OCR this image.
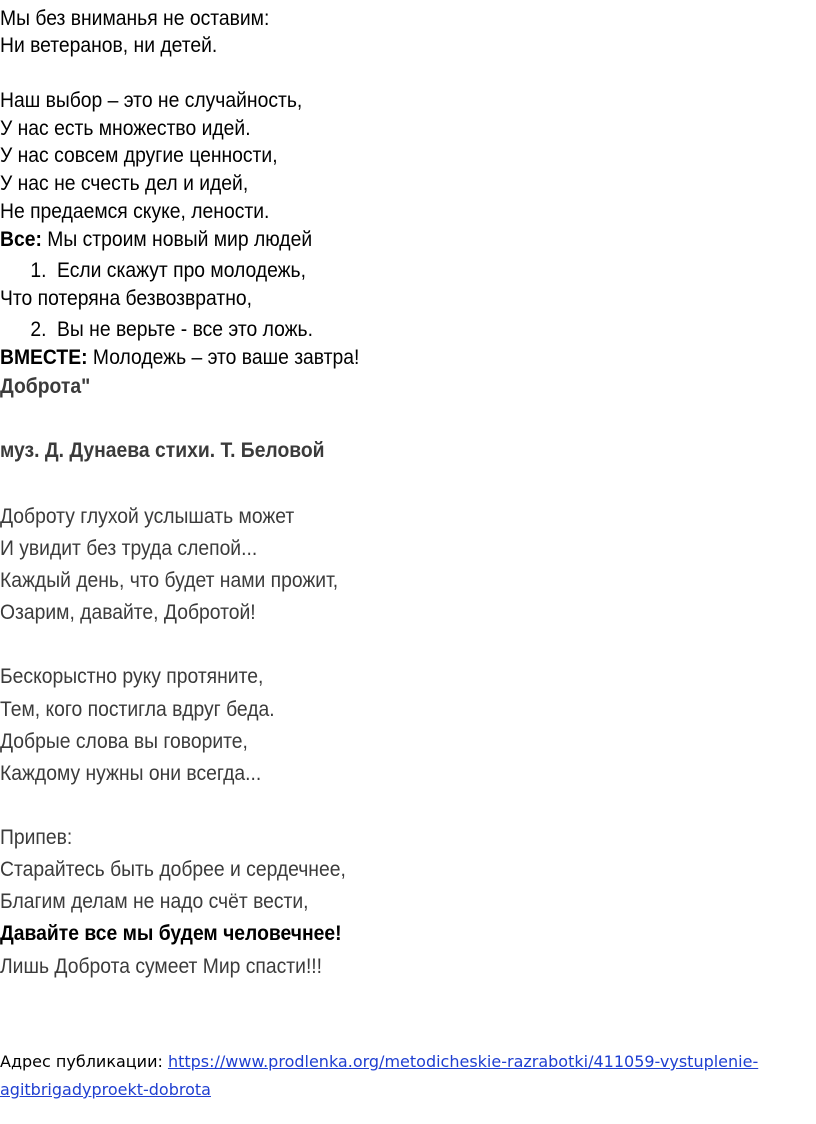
Мы без вниманья не оставим:
Ни ветеранов, ни детей.
Наш выбор – это не случайность,
У нас есть множество идей.
У нас совсем другие ценности,
У нас не счесть дел и идей,
Не предаемся скуке, лености.
Все: Мы строим новый мир людей
1. Если скажут про молодежь,
Что потеряна безвозвратно,
2. Вы не верьте - все это ложь.
ВМЕСТЕ: Молодежь – это ваше завтра!
Доброта"
муз. Д. Дунаева стихи. Т. Беловой
Доброту глухой услышать может
И увидит без труда слепой...
Каждый день, что будет нами прожит,
Озарим, давайте, Добротой!
Бескорыстно руку протяните,
Тем, кого постигла вдруг беда.
Добрые слова вы говорите,
Каждому нужны они всегда...
Припев:
Старайтесь быть добрее и сердечнее,
Благим делам не надо счёт вести,
Давайте все мы будем человечнее!
Лишь Доброта сумеет Мир спасти!!!
Адрес публикации: https://www.prodlenka.org/metodicheskie-razrabotki/411059-vystuplenie-
agitbrigadyproekt-dobrota
